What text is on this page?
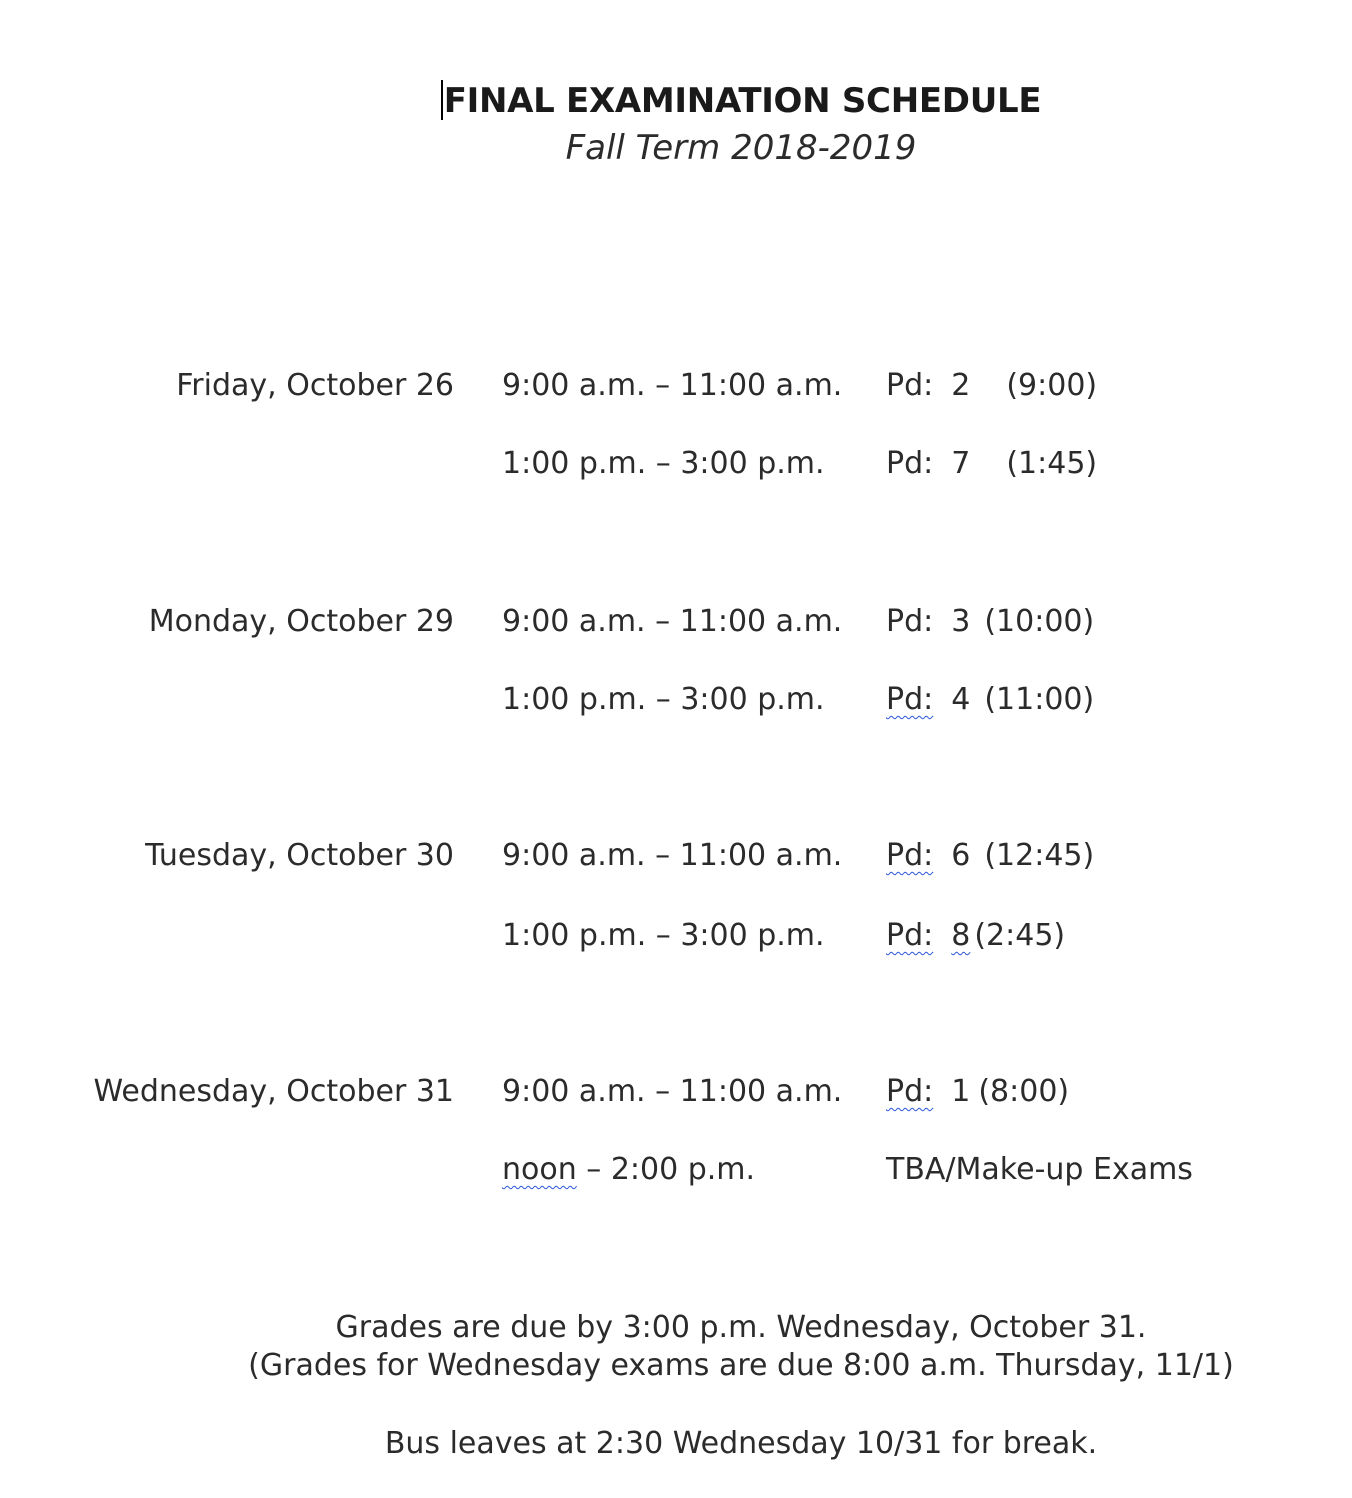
FINAL EXAMINATION SCHEDULE
Fall Term 2018-2019
Friday, October 26 9:00 a.m. – 11:00 a.m. Pd: 2 (9:00)
1:00 p.m. – 3:00 p.m. Pd: 7 (1:45)
Monday, October 29 9:00 a.m. – 11:00 a.m. Pd: 3 (10:00)
1:00 p.m. – 3:00 p.m. Pd: 4 (11:00)
Tuesday, October 30 9:00 a.m. – 11:00 a.m. Pd: 6 (12:45)
1:00 p.m. – 3:00 p.m. Pd: 8 (2:45)
Wednesday, October 31 9:00 a.m. – 11:00 a.m. Pd: 1 (8:00)
noon – 2:00 p.m.	TBA/Make-up Exams
Grades are due by 3:00 p.m. Wednesday, October 31.
(Grades for Wednesday exams are due 8:00 a.m. Thursday, 11/1)
Bus leaves at 2:30 Wednesday 10/31 for break.
